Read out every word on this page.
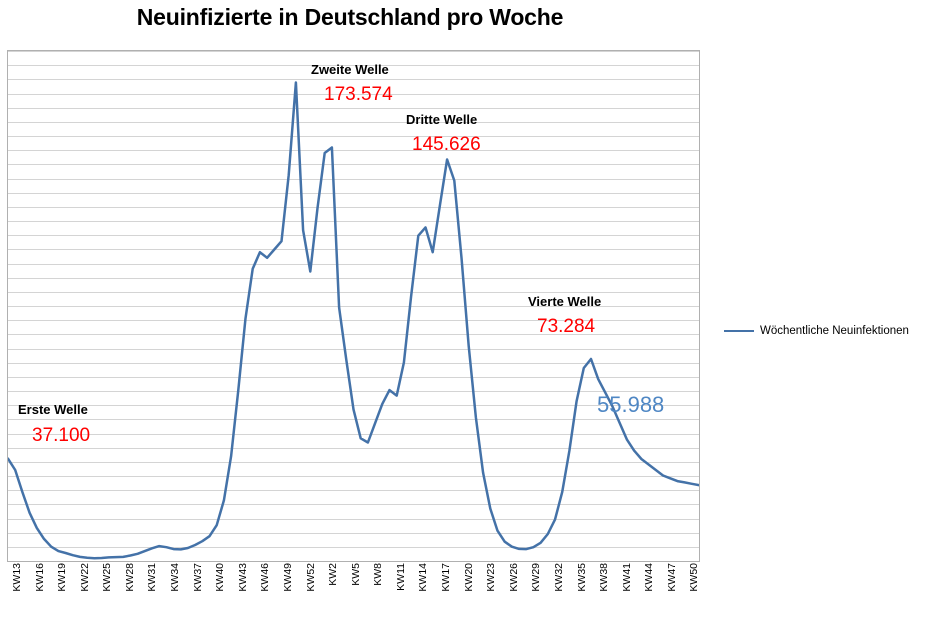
Neuinfizierte in Deutschland pro Woche
KW13 KW16 KW19 KW22 KW25 KW28 KW31 KW34 KW37 KW40 KW43 KW46 KW49 KW52 KW2 KW5 KW8 KW11 KW14 KW17 KW20 KW23 KW26 KW29 KW32 KW35 KW38 KW41 KW44 KW47 KW50
Erste Welle
37.100
Zweite Welle
173.574
Dritte Welle
145.626
Vierte Welle
73.284
55.988
Wöchentliche Neuinfektionen
